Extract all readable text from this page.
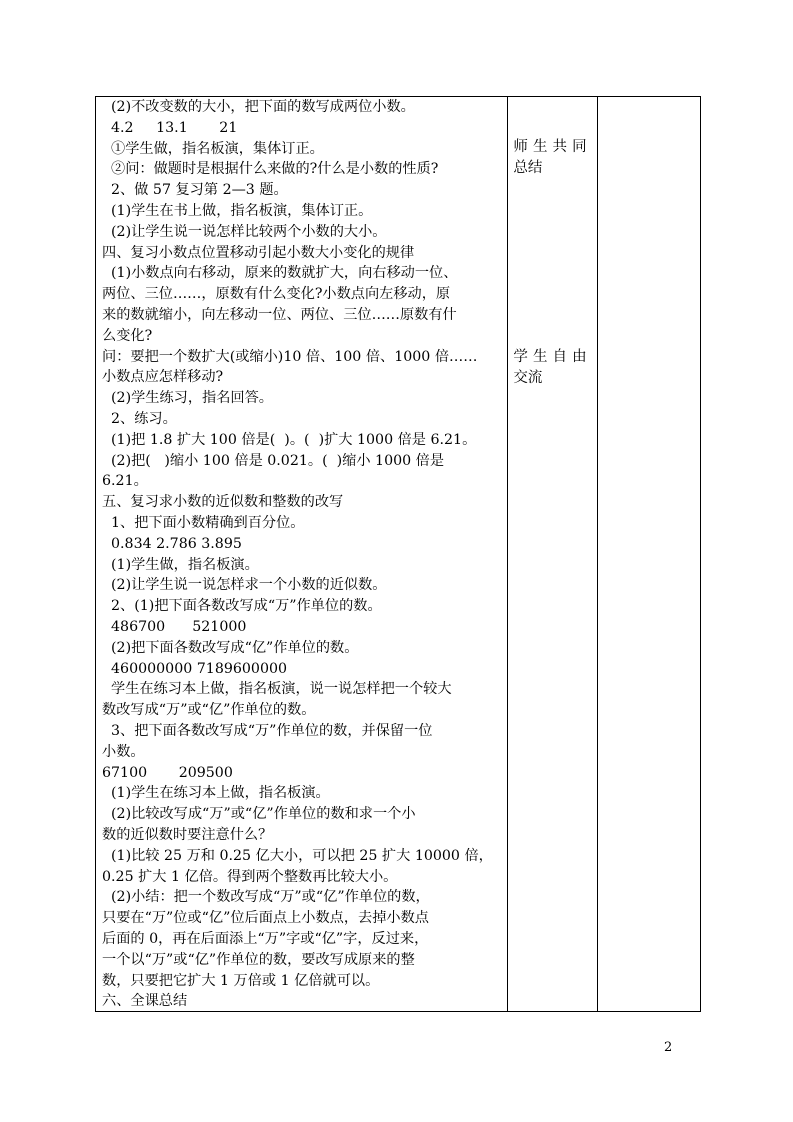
(2)不改变数的大小，把下面的数写成两位小数。
4.2     13.1       21
①学生做，指名板演，集体订正。
②问：做题时是根据什么来做的?什么是小数的性质?
2、做 57 复习第 2—3 题。
(1)学生在书上做，指名板演，集体订正。
(2)让学生说一说怎样比较两个小数的大小。
四、复习小数点位置移动引起小数大小变化的规律
(1)小数点向右移动，原来的数就扩大，向右移动一位、
两位、三位……，原数有什么变化?小数点向左移动，原
来的数就缩小，向左移动一位、两位、三位……原数有什
么变化?
问：要把一个数扩大(或缩小)10 倍、100 倍、1000 倍……
小数点应怎样移动?
(2)学生练习，指名回答。
2、练习。
(1)把 1.8 扩大 100 倍是(  )。(  )扩大 1000 倍是 6.21。
(2)把(   )缩小 100 倍是 0.021。(  )缩小 1000 倍是
6.21。
五、复习求小数的近似数和整数的改写
1、把下面小数精确到百分位。
0.834 2.786 3.895
(1)学生做，指名板演。
(2)让学生说一说怎样求一个小数的近似数。
2、(1)把下面各数改写成“万”作单位的数。
486700      521000
(2)把下面各数改写成“亿”作单位的数。
460000000 7189600000
学生在练习本上做，指名板演，说一说怎样把一个较大
数改写成“万”或“亿”作单位的数。
3、把下面各数改写成“万”作单位的数，并保留一位
小数。
67100       209500
(1)学生在练习本上做，指名板演。
(2)比较改写成“万”或“亿”作单位的数和求一个小
数的近似数时要注意什么？
(1)比较 25 万和 0.25 亿大小，可以把 25 扩大 10000 倍，
0.25 扩大 1 亿倍。得到两个整数再比较大小。
(2)小结：把一个数改写成“万”或“亿”作单位的数，
只要在“万”位或“亿”位后面点上小数点，去掉小数点
后面的 0，再在后面添上“万”字或“亿”字，反过来，
一个以“万”或“亿”作单位的数，要改写成原来的整
数，只要把它扩大 1 万倍或 1 亿倍就可以。
六、全课总结

师生共同
总结
学生自由
交流

2
